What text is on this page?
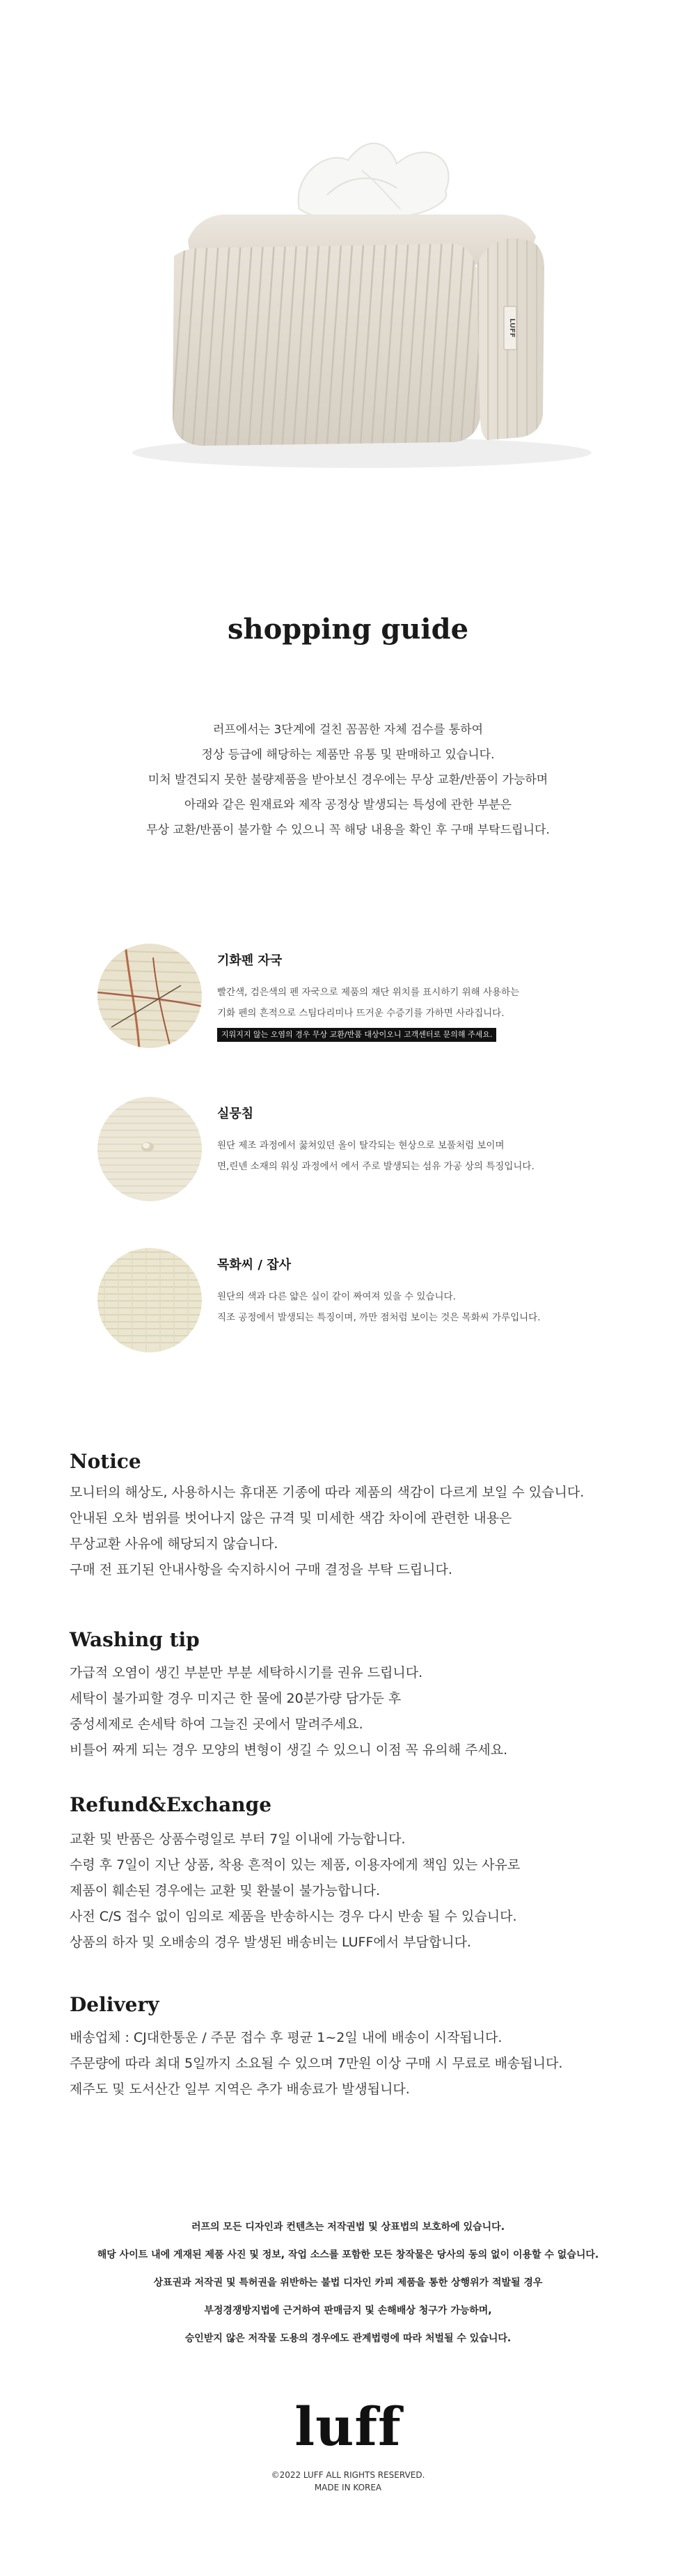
LUFF
shopping guide
러프에서는 3단계에 걸친 꼼꼼한 자체 검수를 통하여
정상 등급에 해당하는 제품만 유통 및 판매하고 있습니다.
미처 발견되지 못한 불량제품을 받아보신 경우에는 무상 교환/반품이 가능하며
아래와 같은 원재료와 제작 공정상 발생되는 특성에 관한 부분은
무상 교환/반품이 불가할 수 있으니 꼭 해당 내용을 확인 후 구매 부탁드립니다.
기화펜 자국
빨간색, 검은색의 펜 자국으로 제품의 재단 위치를 표시하기 위해 사용하는
기화 펜의 흔적으로 스팀다리미나 뜨거운 수증기를 가하면 사라집니다.
지워지지 않는 오염의 경우 무상 교환/반품 대상이오니 고객센터로 문의해 주세요.
실뭉침
원단 제조 과정에서 꿇쳐있던 올이 탈각되는 현상으로 보풀처럼 보이며
면,린넨 소재의 워싱 과정에서 에서 주로 발생되는 섬유 가공 상의 특징입니다.
목화씨 / 잡사
원단의 색과 다른 얇은 실이 같이 짜여져 있을 수 있습니다.
직조 공정에서 발생되는 특징이며, 까만 점처럼 보이는 것은 목화씨 가루입니다.
Notice
모니터의 해상도, 사용하시는 휴대폰 기종에 따라 제품의 색감이 다르게 보일 수 있습니다.
안내된 오차 범위를 벗어나지 않은 규격 및 미세한 색감 차이에 관련한 내용은
무상교환 사유에 해당되지 않습니다.
구매 전 표기된 안내사항을 숙지하시어 구매 결정을 부탁 드립니다.
Washing tip
가급적 오염이 생긴 부분만 부분 세탁하시기를 권유 드립니다.
세탁이 불가피할 경우 미지근 한 물에 20분가량 담가둔 후
중성세제로 손세탁 하여 그늘진 곳에서 말려주세요.
비틀어 짜게 되는 경우 모양의 변형이 생길 수 있으니 이점 꼭 유의해 주세요.
Refund&Exchange
교환 및 반품은 상품수령일로 부터 7일 이내에 가능합니다.
수령 후 7일이 지난 상품, 착용 흔적이 있는 제품, 이용자에게 책임 있는 사유로
제품이 훼손된 경우에는 교환 및 환불이 불가능합니다.
사전 C/S 접수 없이 임의로 제품을 반송하시는 경우 다시 반송 될 수 있습니다.
상품의 하자 및 오배송의 경우 발생된 배송비는 LUFF에서 부담합니다.
Delivery
배송업체 : CJ대한통운 / 주문 접수 후 평균 1~2일 내에 배송이 시작됩니다.
주문량에 따라 최대 5일까지 소요될 수 있으며 7만원 이상 구매 시 무료로 배송됩니다.
제주도 및 도서산간 일부 지역은 추가 배송료가 발생됩니다.
러프의 모든 디자인과 컨텐츠는 저작권법 및 상표법의 보호하에 있습니다.
해당 사이트 내에 게재된 제품 사진 및 정보, 작업 소스를 포함한 모든 창작물은 당사의 동의 없이 이용할 수 없습니다.
상표권과 저작권 및 특허권을 위반하는 불법 디자인 카피 제품을 통한 상행위가 적발될 경우
부정경쟁방지법에 근거하여 판매금지 및 손해배상 청구가 가능하며,
승인받지 않은 저작물 도용의 경우에도 관계법령에 따라 처벌될 수 있습니다.
luff
©2022 LUFF ALL RIGHTS RESERVED.
MADE IN KOREA
